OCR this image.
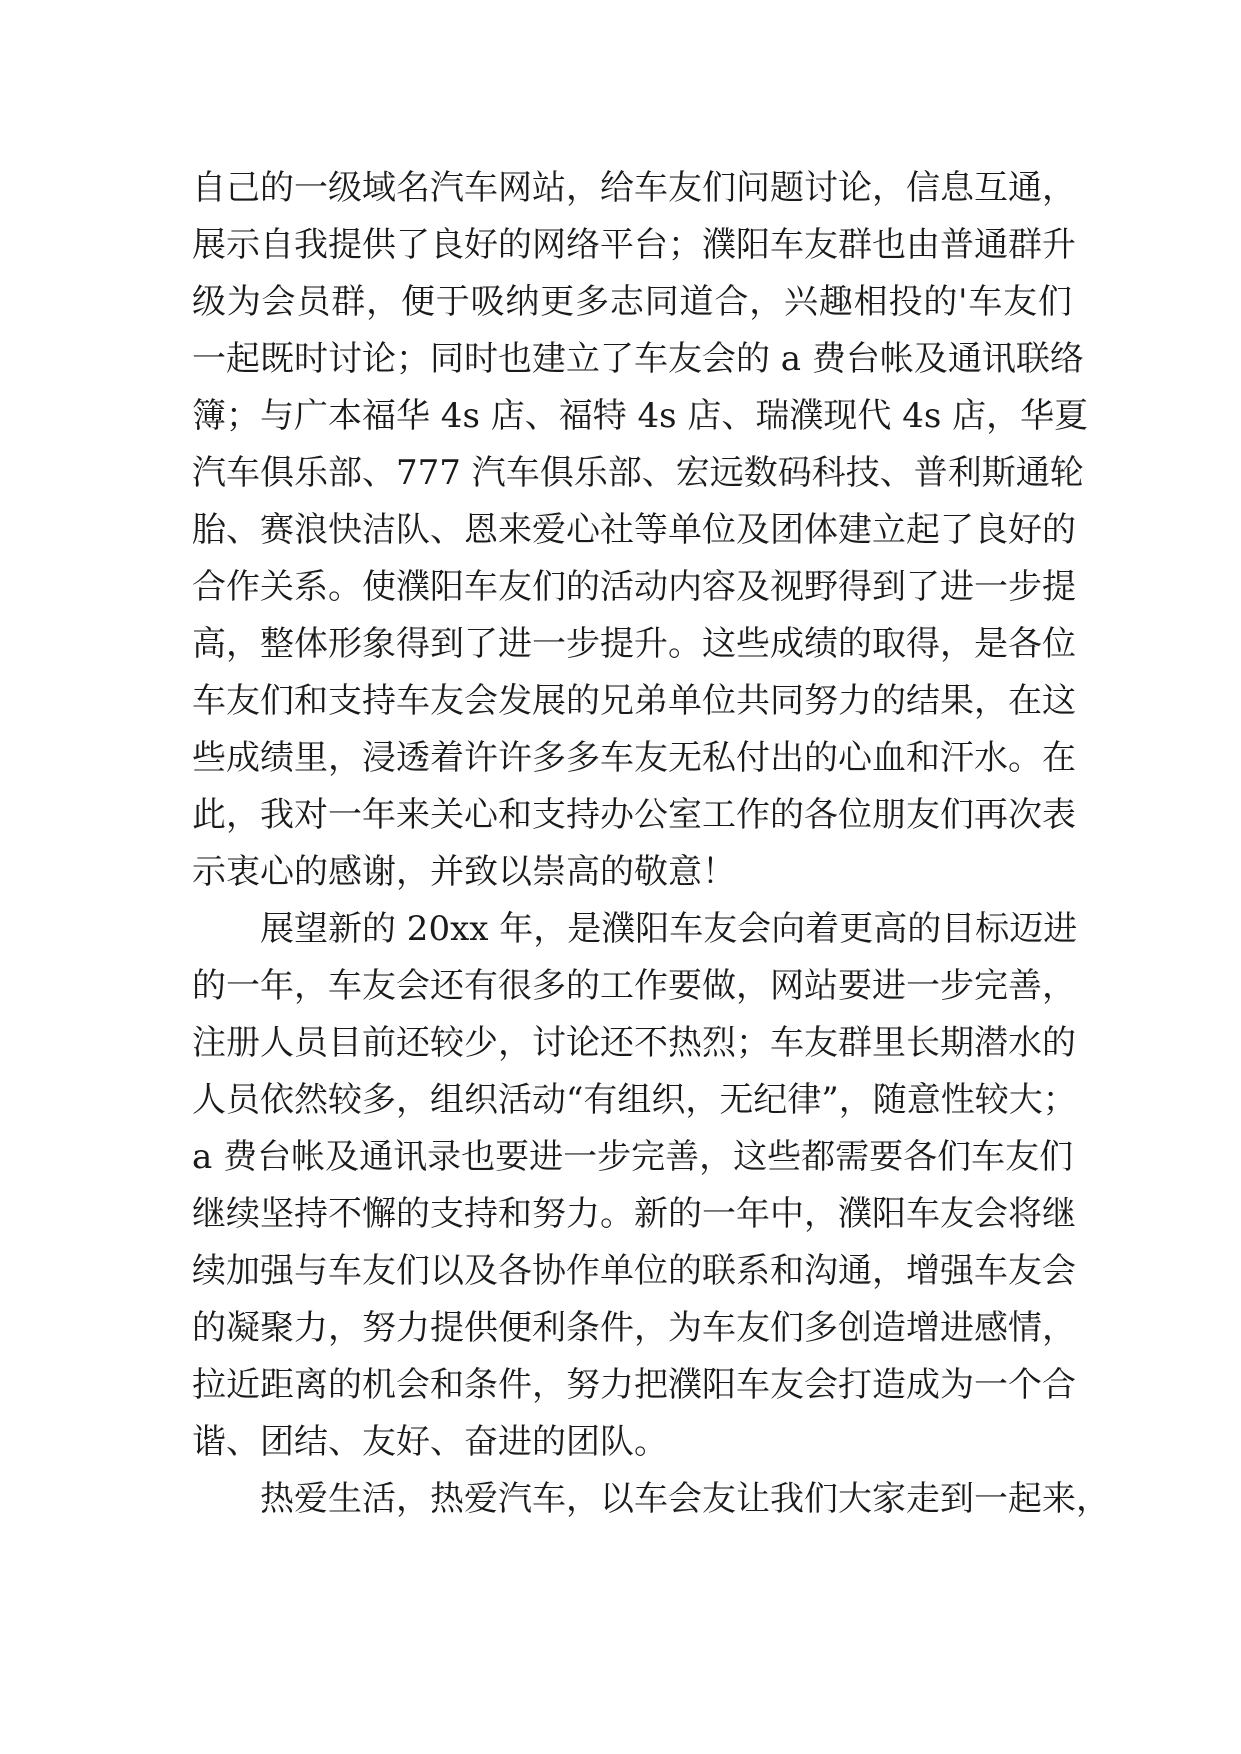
自己的一级域名汽车网站，给车友们问题讨论，信息互通，
展示自我提供了良好的网络平台；濮阳车友群也由普通群升
级为会员群，便于吸纳更多志同道合，兴趣相投的'车友们
一起既时讨论；同时也建立了车友会的 a 费台帐及通讯联络
簿；与广本福华 4s 店、福特 4s 店、瑞濮现代 4s 店，华夏
汽车俱乐部、777 汽车俱乐部、宏远数码科技、普利斯通轮
胎、赛浪快洁队、恩来爱心社等单位及团体建立起了良好的
合作关系。使濮阳车友们的活动内容及视野得到了进一步提
高，整体形象得到了进一步提升。这些成绩的取得，是各位
车友们和支持车友会发展的兄弟单位共同努力的结果，在这
些成绩里，浸透着许许多多车友无私付出的心血和汗水。在
此，我对一年来关心和支持办公室工作的各位朋友们再次表
示衷心的感谢，并致以崇高的敬意！
展望新的 20xx 年，是濮阳车友会向着更高的目标迈进
的一年，车友会还有很多的工作要做，网站要进一步完善，
注册人员目前还较少，讨论还不热烈；车友群里长期潜水的
人员依然较多，组织活动“有组织，无纪律”，随意性较大；
a 费台帐及通讯录也要进一步完善，这些都需要各们车友们
继续坚持不懈的支持和努力。新的一年中，濮阳车友会将继
续加强与车友们以及各协作单位的联系和沟通，增强车友会
的凝聚力，努力提供便利条件，为车友们多创造增进感情，
拉近距离的机会和条件，努力把濮阳车友会打造成为一个合
谐、团结、友好、奋进的团队。
热爱生活，热爱汽车，以车会友让我们大家走到一起来，
